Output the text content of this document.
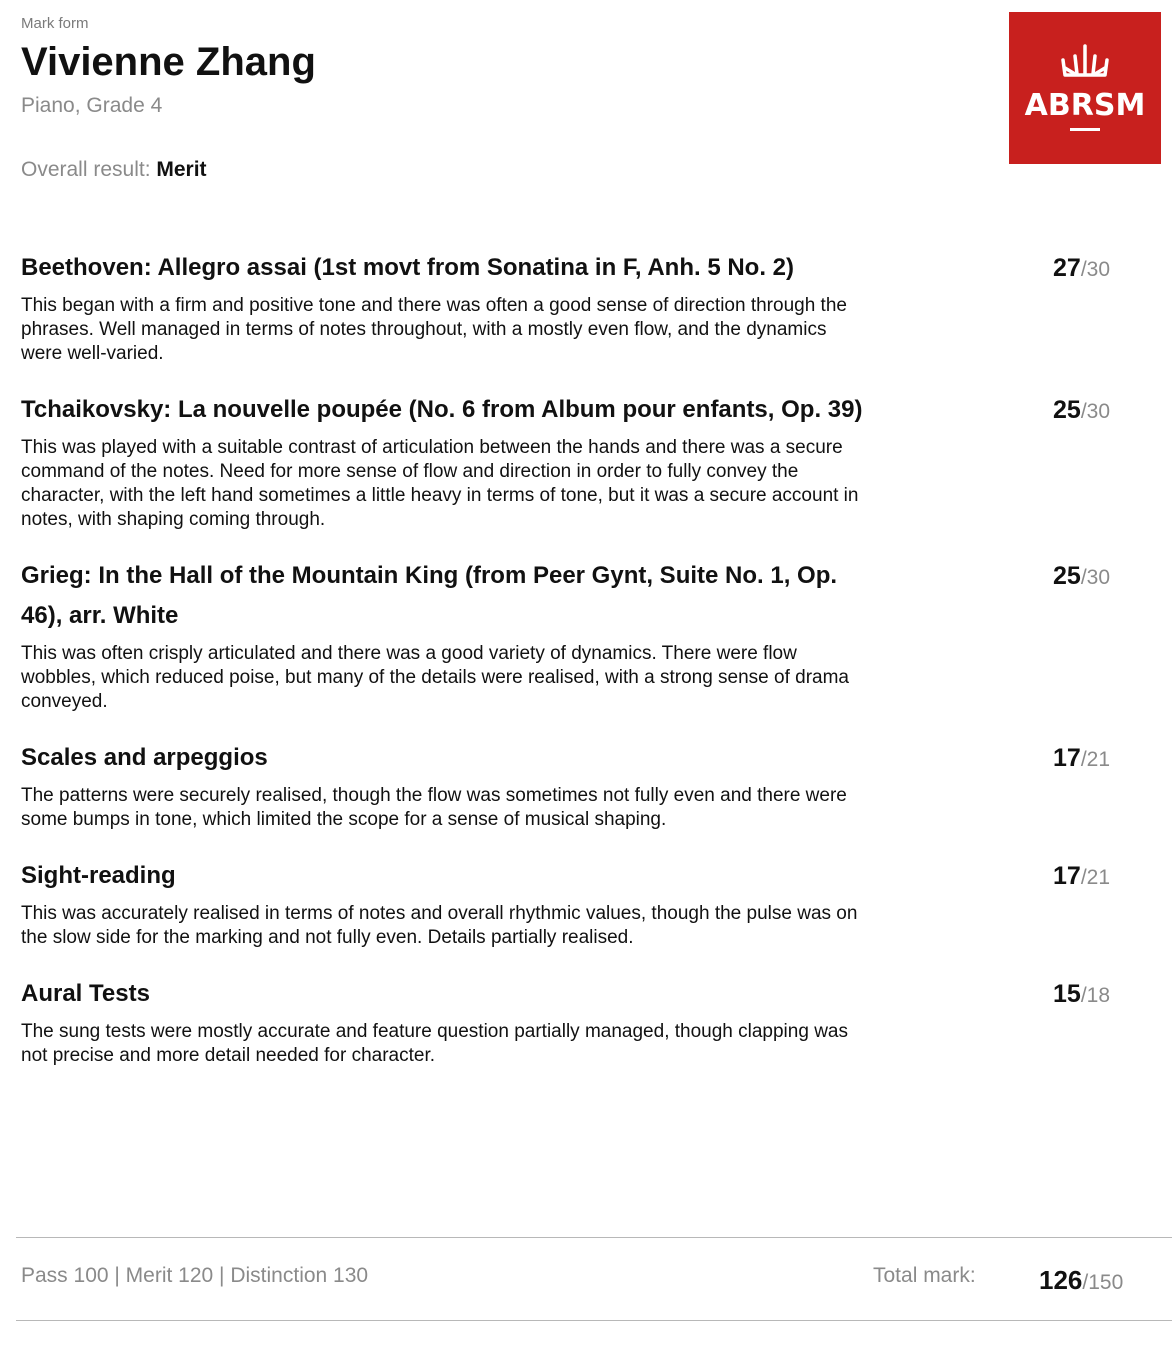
Mark form
Vivienne Zhang
Piano, Grade 4
Overall result: Merit
ABRSM
Beethoven: Allegro assai (1st movt from Sonatina in F, Anh. 5 No. 2)	27/30
This began with a firm and positive tone and there was often a good sense of direction through the phrases. Well managed in terms of notes throughout, with a mostly even flow, and the dynamics were well-varied.
Tchaikovsky: La nouvelle poupée (No. 6 from Album pour enfants, Op. 39)	25/30
This was played with a suitable contrast of articulation between the hands and there was a secure command of the notes. Need for more sense of flow and direction in order to fully convey the character, with the left hand sometimes a little heavy in terms of tone, but it was a secure account in notes, with shaping coming through.
Grieg: In the Hall of the Mountain King (from Peer Gynt, Suite No. 1, Op. 46), arr. White
25/30
This was often crisply articulated and there was a good variety of dynamics. There were flow wobbles, which reduced poise, but many of the details were realised, with a strong sense of drama conveyed.
Scales and arpeggios	17/21
The patterns were securely realised, though the flow was sometimes not fully even and there were some bumps in tone, which limited the scope for a sense of musical shaping.
Sight-reading	17/21
This was accurately realised in terms of notes and overall rhythmic values, though the pulse was on the slow side for the marking and not fully even. Details partially realised.
Aural Tests	15/18
The sung tests were mostly accurate and feature question partially managed, though clapping was not precise and more detail needed for character.
Pass 100 | Merit 120 | Distinction 130	Total mark: 126/150
